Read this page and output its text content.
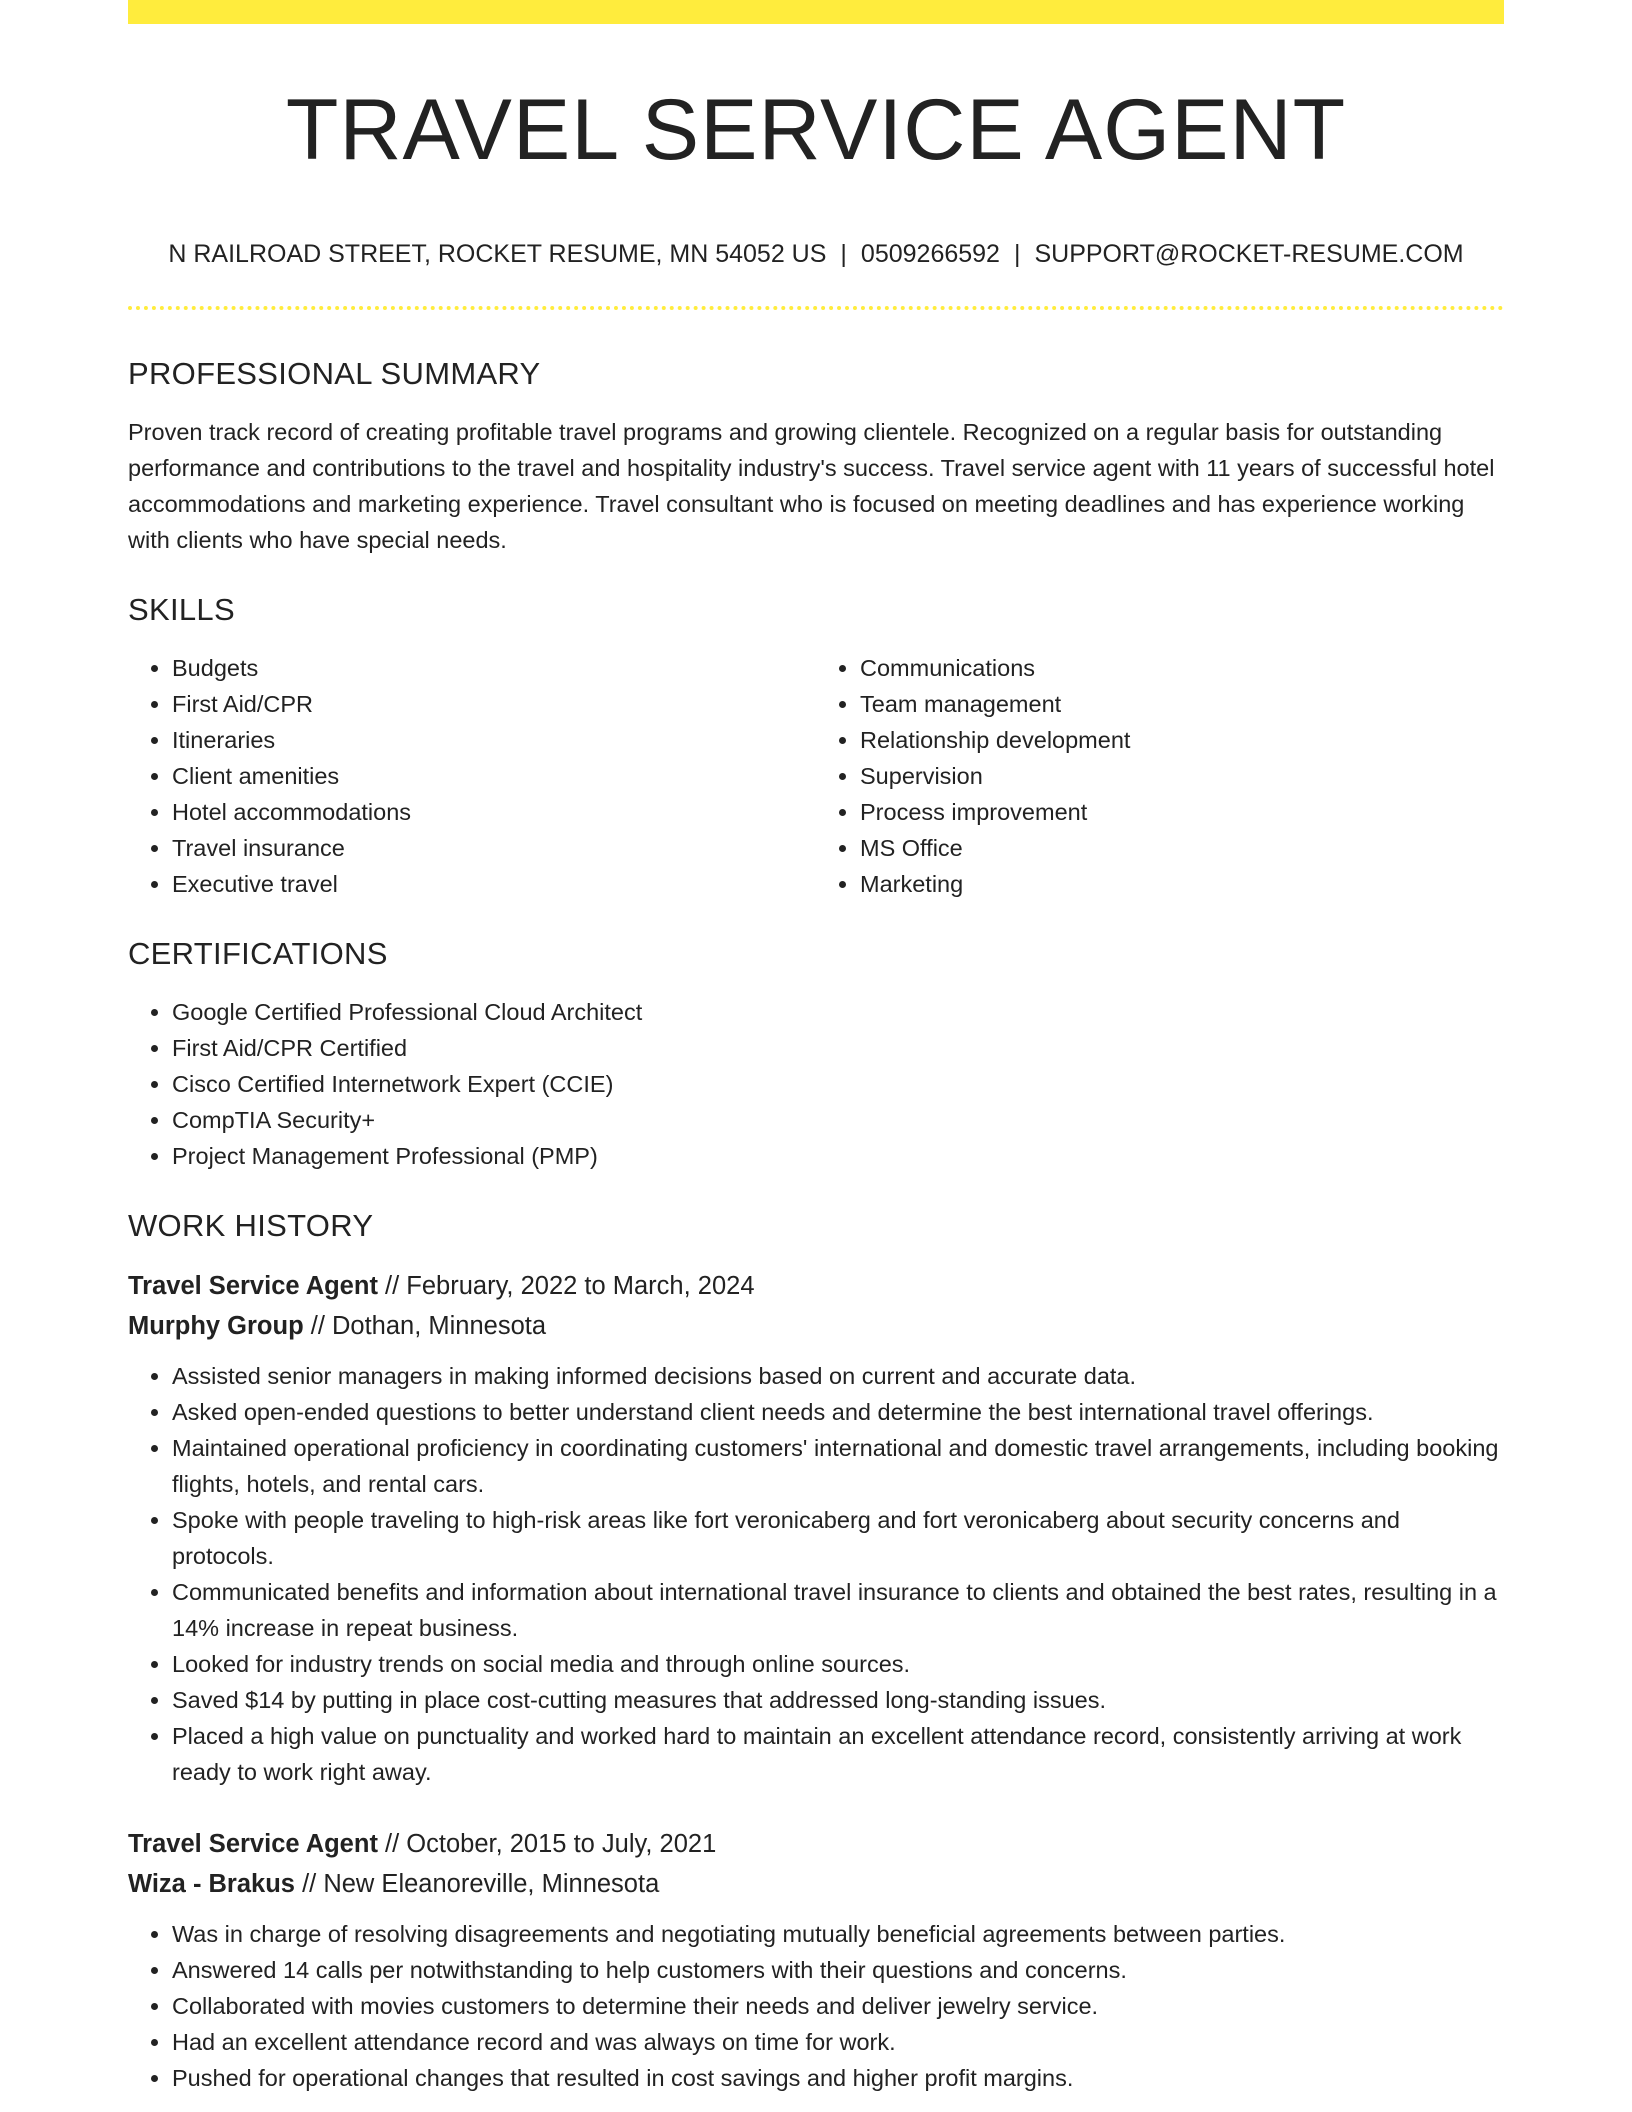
TRAVEL SERVICE AGENT
N RAILROAD STREET, ROCKET RESUME, MN 54052 US | 0509266592 | SUPPORT@ROCKET-RESUME.COM
PROFESSIONAL SUMMARY

Proven track record of creating profitable travel programs and growing clientele. Recognized on a regular basis for outstanding performance and contributions to the travel and hospitality industry's success. Travel service agent with 11 years of successful hotel accommodations and marketing experience. Travel consultant who is focused on meeting deadlines and has experience working with clients who have special needs.

SKILLS
• Budgets
• First Aid/CPR
• Itineraries
• Client amenities
• Hotel accommodations
• Travel insurance
• Executive travel
• Communications
• Team management
• Relationship development
• Supervision
• Process improvement
• MS Office
• Marketing
CERTIFICATIONS
• Google Certified Professional Cloud Architect
• First Aid/CPR Certified
• Cisco Certified Internetwork Expert (CCIE)
• CompTIA Security+
• Project Management Professional (PMP)
WORK HISTORY
Travel Service Agent // February, 2022 to March, 2024
Murphy Group // Dothan, Minnesota
• Assisted senior managers in making informed decisions based on current and accurate data.
• Asked open-ended questions to better understand client needs and determine the best international travel offerings.
• Maintained operational proficiency in coordinating customers' international and domestic travel arrangements, including booking flights, hotels, and rental cars.
• Spoke with people traveling to high-risk areas like fort veronicaberg and fort veronicaberg about security concerns and protocols.
• Communicated benefits and information about international travel insurance to clients and obtained the best rates, resulting in a 14% increase in repeat business.
• Looked for industry trends on social media and through online sources.
• Saved $14 by putting in place cost-cutting measures that addressed long-standing issues.
• Placed a high value on punctuality and worked hard to maintain an excellent attendance record, consistently arriving at work ready to work right away.
Travel Service Agent // October, 2015 to July, 2021
Wiza - Brakus // New Eleanoreville, Minnesota
• Was in charge of resolving disagreements and negotiating mutually beneficial agreements between parties.
• Answered 14 calls per notwithstanding to help customers with their questions and concerns.
• Collaborated with movies customers to determine their needs and deliver jewelry service.
• Had an excellent attendance record and was always on time for work.
• Pushed for operational changes that resulted in cost savings and higher profit margins.
